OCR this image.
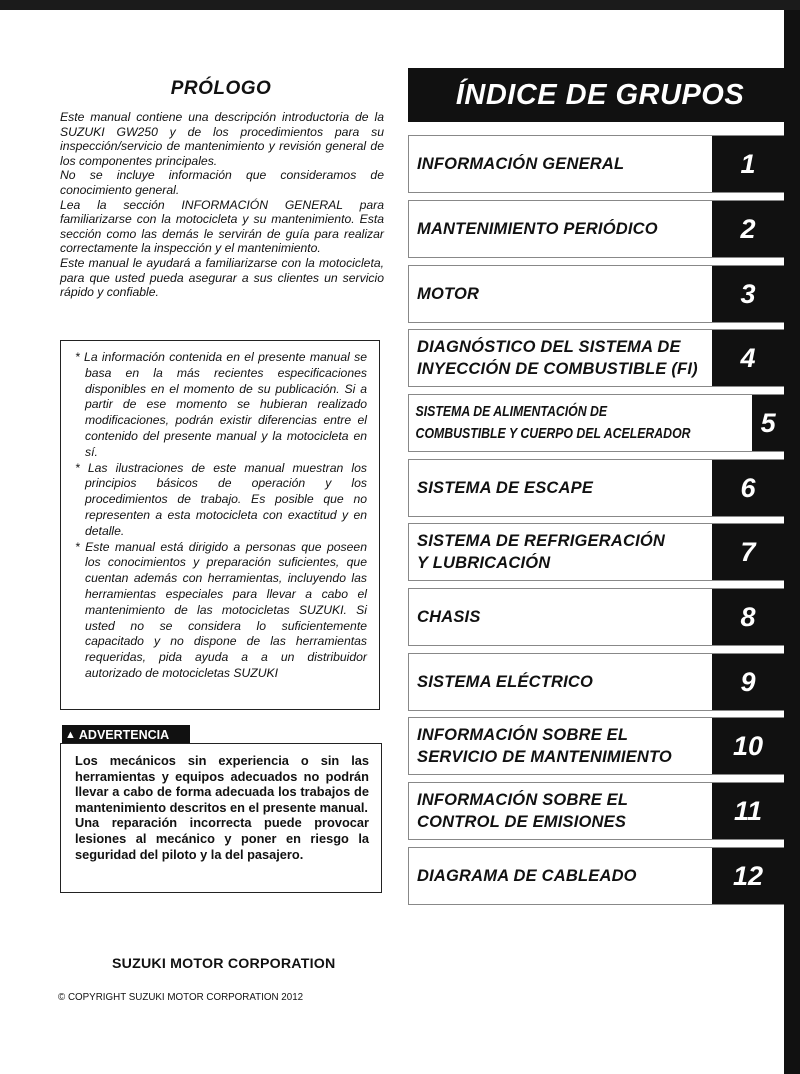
PRÓLOGO

Este manual contiene una descripción introductoria de la SUZUKI GW250 y de los procedimientos para su inspección/servicio de mantenimiento y revisión general de los componentes principales.

No se incluye información que consideramos de conocimiento general.

Lea la sección INFORMACIÓN GENERAL para familiarizarse con la motocicleta y su mantenimiento. Esta sección como las demás le servirán de guía para realizar correctamente la inspección y el mantenimiento.

Este manual le ayudará a familiarizarse con la motocicleta, para que usted pueda asegurar a sus clientes un servicio rápido y confiable.

* La información contenida en el presente manual se basa en la más recientes especificaciones disponibles en el momento de su publicación. Si a partir de ese momento se hubieran realizado modificaciones, podrán existir diferencias entre el contenido del presente manual y la motocicleta en sí.

* Las ilustraciones de este manual muestran los principios básicos de operación y los procedimientos de trabajo. Es posible que no representen a esta motocicleta con exactitud y en detalle.

* Este manual está dirigido a personas que poseen los conocimientos y preparación suficientes, que cuentan además con herramientas, incluyendo las herramientas especiales para llevar a cabo el mantenimiento de las motocicletas SUZUKI. Si usted no se considera lo suficientemente capacitado y no dispone de las herramientas requeridas, pida ayuda a a un distribuidor autorizado de motocicletas SUZUKI

▲ ADVERTENCIA

Los mecánicos sin experiencia o sin las herramientas y equipos adecuados no podrán llevar a cabo de forma adecuada los trabajos de mantenimiento descritos en el presente manual.

Una reparación incorrecta puede provocar lesiones al mecánico y poner en riesgo la seguridad del piloto y la del pasajero.

SUZUKI MOTOR CORPORATION
© COPYRIGHT SUZUKI MOTOR CORPORATION 2012
ÍNDICE DE GRUPOS
INFORMACIÓN GENERAL	1
MANTENIMIENTO PERIÓDICO	2
MOTOR	3
DIAGNÓSTICO DEL SISTEMA DE
INYECCIÓN DE COMBUSTIBLE (FI)	4
SISTEMA DE ALIMENTACIÓN DE
COMBUSTIBLE Y CUERPO DEL ACELERADOR	5
SISTEMA DE ESCAPE	6
SISTEMA DE REFRIGERACIÓN
Y LUBRICACIÓN	7
CHASIS	8
SISTEMA ELÉCTRICO	9
INFORMACIÓN SOBRE EL
SERVICIO DE MANTENIMIENTO	10
INFORMACIÓN SOBRE EL
CONTROL DE EMISIONES	11
DIAGRAMA DE CABLEADO	12
